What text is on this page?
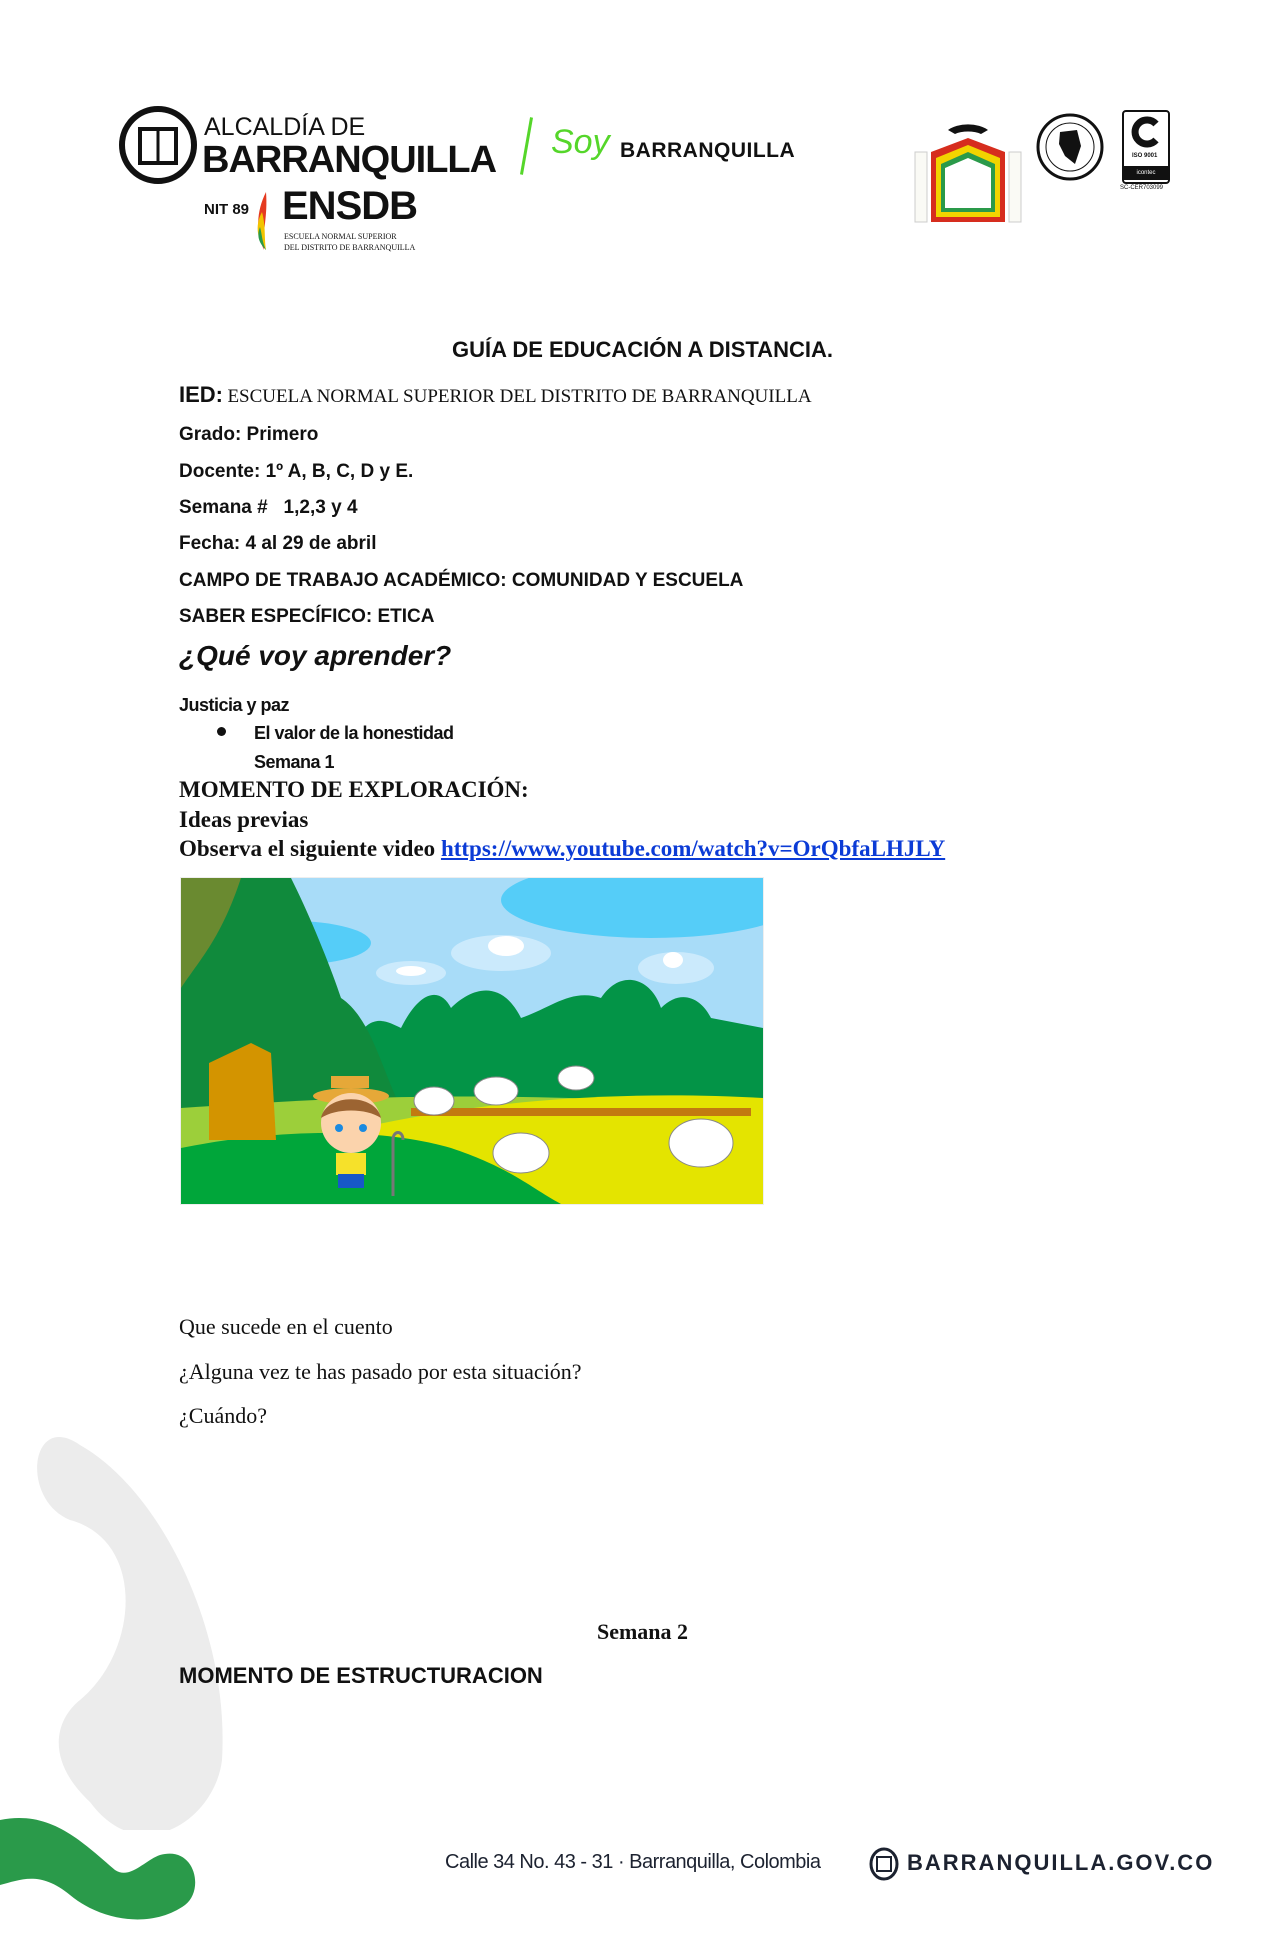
ALCALDÍA DE
BARRANQUILLA
NIT 89 ENSDB
ESCUELA NORMAL SUPERIOR
DEL DISTRITO DE BARRANQUILLA
Soy BARRANQUILLA	ISO 9001
icontec
SC-CER703099
GUÍA DE EDUCACIÓN A DISTANCIA.
IED: ESCUELA NORMAL SUPERIOR DEL DISTRITO DE BARRANQUILLA
Grado: Primero
Docente: 1º A, B, C, D y E.
Semana #   1,2,3 y 4
Fecha: 4 al 29 de abril
CAMPO DE TRABAJO ACADÉMICO: COMUNIDAD Y ESCUELA
SABER ESPECÍFICO: ETICA
¿Qué voy aprender?
Justicia y paz
El valor de la honestidad
Semana 1
MOMENTO DE EXPLORACIÓN:
Ideas previas
Observa el siguiente video https://www.youtube.com/watch?v=OrQbfaLHJLY
Que sucede en el cuento
¿Alguna vez te has pasado por esta situación?
¿Cuándo?
Semana 2
MOMENTO DE ESTRUCTURACION
Calle 34 No. 43 - 31 · Barranquilla, Colombia	BARRANQUILLA.GOV.CO
